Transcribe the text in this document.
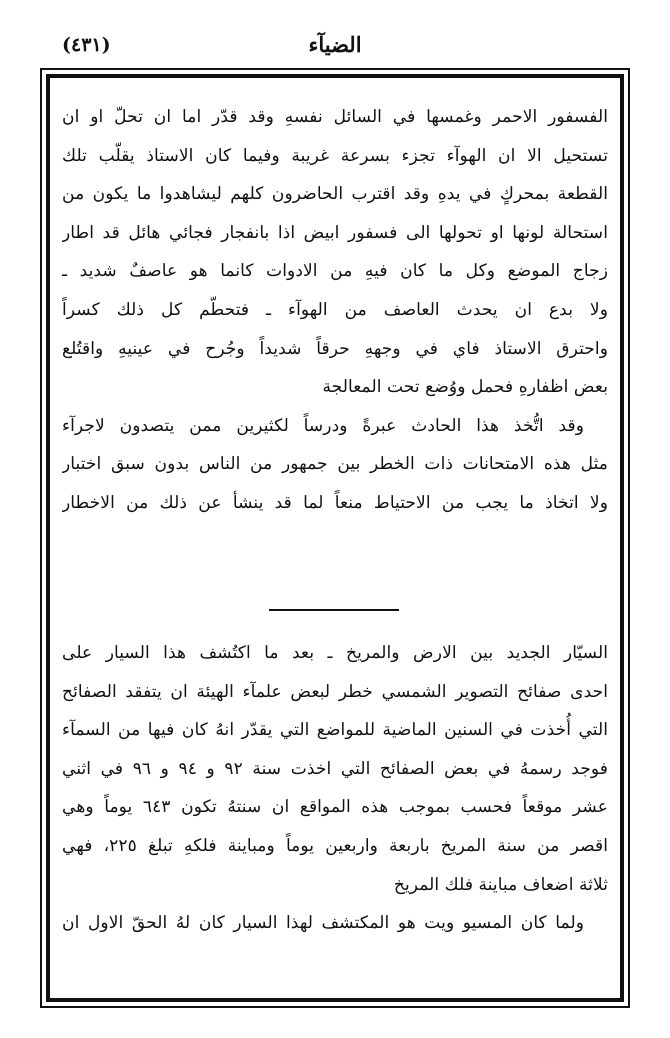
(٤٣١)	الضيآء
الفسفور الاحمر وغمسها في السائل نفسهِ وقد قدّر اما ان تحلّ او ان
تستحيل الا ان الهوآء تجزء بسرعة غريبة وفيما كان الاستاذ يقلّب تلك
القطعة بمحركٍ في يدهِ وقد اقترب الحاضرون كلهم ليشاهدوا ما يكون من
استحالة لونها او تحولها الى فسفور ابيض اذا بانفجار فجائي هائل قد اطار
زجاج الموضع وكل ما كان فيهِ من الادوات كانما هو عاصفٌ شديد ـ
ولا بدع ان يحدث العاصف من الهوآء ـ فتحطّم كل ذلك كسراً
واحترق الاستاذ فاي في وجههِ حرقاً شديداً وجُرح في عينيهِ واقتُلع
بعض اظفارهِ فحمل ووُضع تحت المعالجة
وقد اتُّخذ هذا الحادث عبرةً ودرساً لكثيرين ممن يتصدون لاجرآء
مثل هذه الامتحانات ذات الخطر بين جمهور من الناس بدون سبق اختبار
ولا اتخاذ ما يجب من الاحتياط منعاً لما قد ينشأ عن ذلك من الاخطار
السيّار الجديد بين الارض والمريخ ـ بعد ما اكتُشف هذا السيار على
احدى صفائح التصوير الشمسي خطر لبعض علمآء الهيئة ان يتفقد الصفائح
التي أُخذت في السنين الماضية للمواضع التي يقدّر انهُ كان فيها من السمآء
فوجد رسمهُ في بعض الصفائح التي اخذت سنة ٩٢ و ٩٤ و ٩٦ في اثني
عشر موقعاً فحسب بموجب هذه المواقع ان سنتهُ تكون ٦٤٣ يوماً وهي
اقصر من سنة المريخ باربعة واربعين يوماً ومباينة فلكهِ تبلغ ٢٢٥، فهي
ثلاثة اضعاف مباينة فلك المريخ
ولما كان المسيو ويت هو المكتشف لهذا السيار كان لهُ الحقّ الاول ان
